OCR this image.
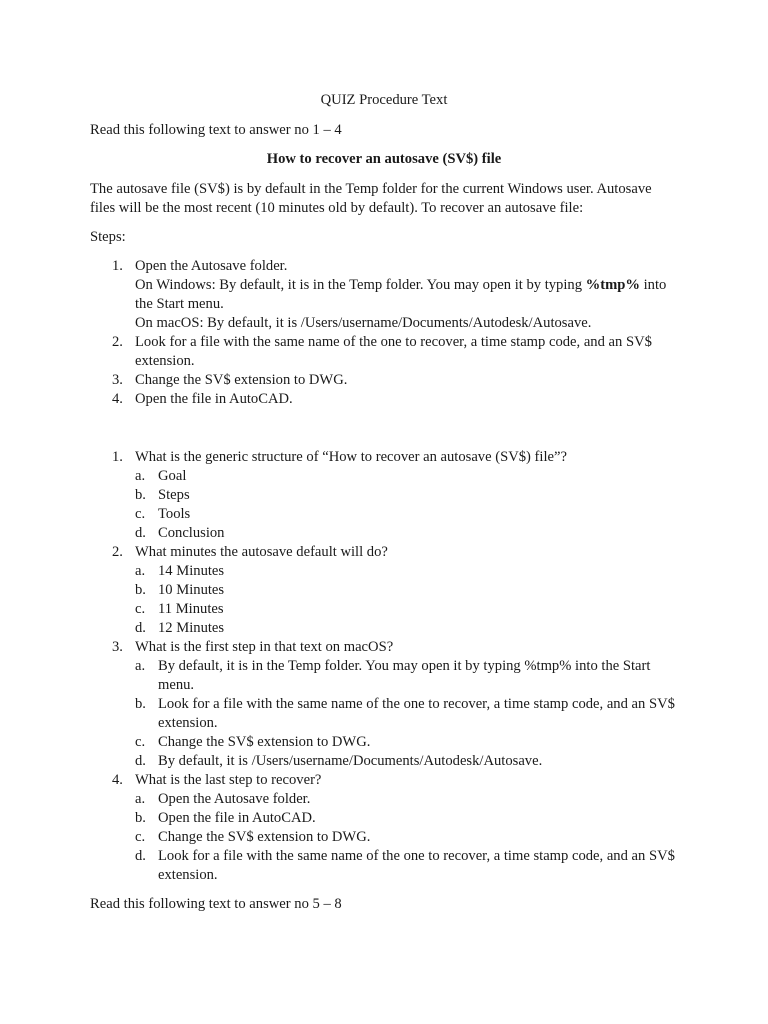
QUIZ Procedure Text
Read this following text to answer no 1 – 4
How to recover an autosave (SV$) file
The autosave file (SV$) is by default in the Temp folder for the current Windows user. Autosave files will be the most recent (10 minutes old by default). To recover an autosave file:
Steps:
1. Open the Autosave folder.
On Windows: By default, it is in the Temp folder. You may open it by typing %tmp% into the Start menu.
On macOS: By default, it is /Users/username/Documents/Autodesk/Autosave.
2. Look for a file with the same name of the one to recover, a time stamp code, and an SV$ extension.
3. Change the SV$ extension to DWG.
4. Open the file in AutoCAD.
1. What is the generic structure of “How to recover an autosave (SV$) file”?
a. Goal
b. Steps
c. Tools
d. Conclusion
2. What minutes the autosave default will do?
a. 14 Minutes
b. 10 Minutes
c. 11 Minutes
d. 12 Minutes
3. What is the first step in that text on macOS?
a. By default, it is in the Temp folder. You may open it by typing %tmp% into the Start menu.
b. Look for a file with the same name of the one to recover, a time stamp code, and an SV$ extension.
c. Change the SV$ extension to DWG.
d. By default, it is /Users/username/Documents/Autodesk/Autosave.
4. What is the last step to recover?
a. Open the Autosave folder.
b. Open the file in AutoCAD.
c. Change the SV$ extension to DWG.
d. Look for a file with the same name of the one to recover, a time stamp code, and an SV$ extension.
Read this following text to answer no 5 – 8
